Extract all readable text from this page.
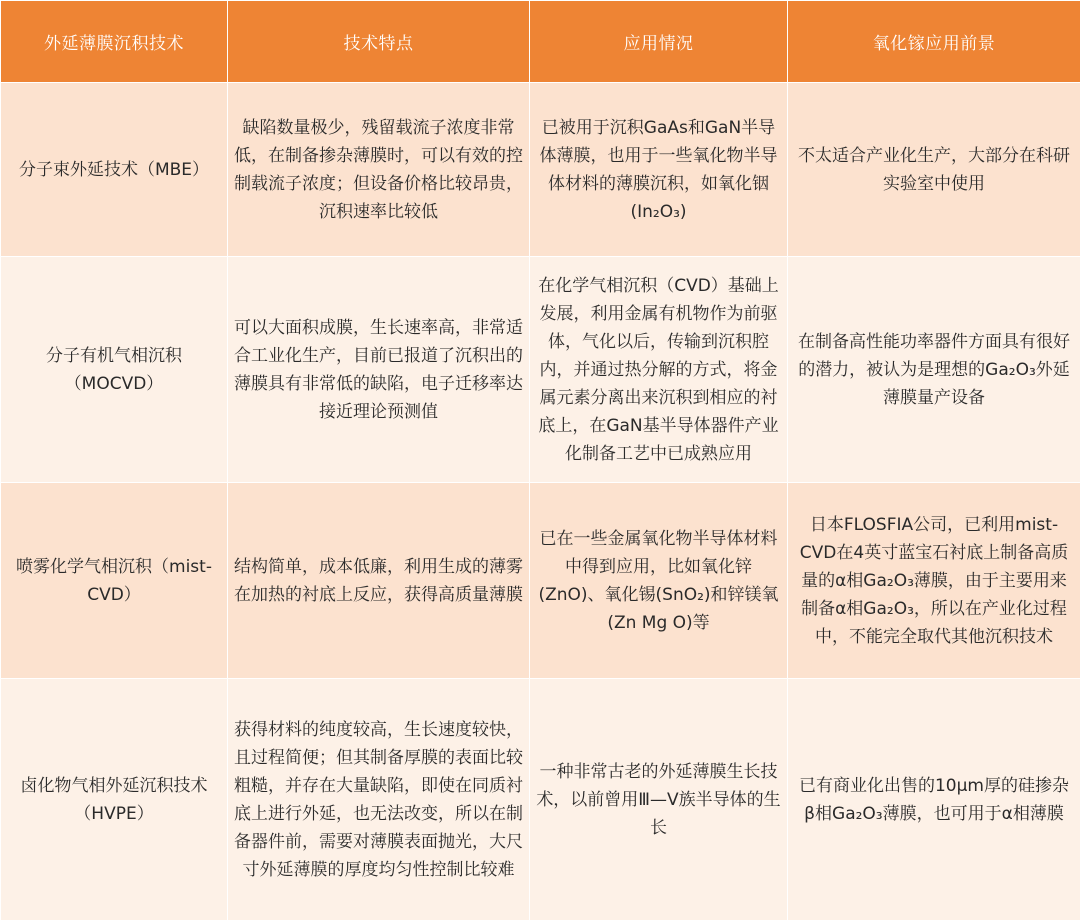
外延薄膜沉积技术	技术特点	应用情况	氧化镓应用前景

分子束外延技术（MBE）	缺陷数量极少，残留载流子浓度非常低，在制备掺杂薄膜时，可以有效的控制载流子浓度；但设备价格比较昂贵，沉积速率比较低	已被用于沉积GaAs和GaN半导体薄膜，也用于一些氧化物半导体材料的薄膜沉积，如氧化铟(In₂O₃)	不太适合产业化生产，大部分在科研实验室中使用

分子有机气相沉积（MOCVD）	可以大面积成膜，生长速率高，非常适合工业化生产，目前已报道了沉积出的薄膜具有非常低的缺陷，电子迁移率达接近理论预测值	在化学气相沉积（CVD）基础上发展，利用金属有机物作为前驱体，气化以后，传输到沉积腔内，并通过热分解的方式，将金属元素分离出来沉积到相应的衬底上，在GaN基半导体器件产业化制备工艺中已成熟应用	在制备高性能功率器件方面具有很好的潜力，被认为是理想的Ga₂O₃外延薄膜量产设备

喷雾化学气相沉积（mist-CVD）	结构简单，成本低廉，利用生成的薄雾在加热的衬底上反应，获得高质量薄膜	已在一些金属氧化物半导体材料中得到应用，比如氧化锌(ZnO)、氧化锡(SnO₂)和锌镁氧(Zn Mg O)等	日本FLOSFIA公司，已利用mist-CVD在4英寸蓝宝石衬底上制备高质量的α相Ga₂O₃薄膜，由于主要用来制备α相Ga₂O₃，所以在产业化过程中，不能完全取代其他沉积技术

卤化物气相外延沉积技术（HVPE）	获得材料的纯度较高，生长速度较快，且过程简便；但其制备厚膜的表面比较粗糙，并存在大量缺陷，即使在同质衬底上进行外延，也无法改变，所以在制备器件前，需要对薄膜表面抛光，大尺寸外延薄膜的厚度均匀性控制比较难	一种非常古老的外延薄膜生长技术，以前曾用Ⅲ—Ⅴ族半导体的生长	已有商业化出售的10μm厚的硅掺杂β相Ga₂O₃薄膜，也可用于α相薄膜
